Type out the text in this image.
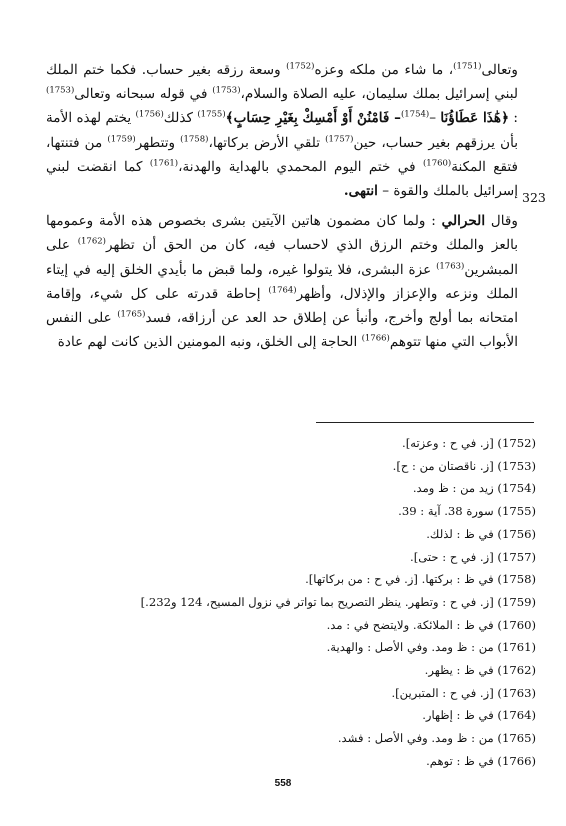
وتعالى$^{(1751)}$، ما شاء من ملكه وعزه$^{(1752)}$ وسعة رزقه بغير حساب. فكما ختم الملك لبني إسرائيل بملك سليمان، عليه الصلاة والسلام،$^{(1753)}$ في قوله سبحانه وتعالى$^{(1753)}$ : ﴿هَٰذَا عَطَاؤُنَا –$^{(1754)}$– فَامْنُنْ أَوْ أَمْسِكْ بِغَيْرِ حِسَابٍ﴾$^{(1755)}$ كذلك$^{(1756)}$ يختم لهذه الأمة بأن يرزقهم بغير حساب، حين$^{(1757)}$ تلقي الأرض بركاتها،$^{(1758)}$ وتتطهر$^{(1759)}$ من فتنتها، فتقع المكنة$^{(1760)}$ في ختم اليوم المحمدي بالهداية والهدنة،$^{(1761)}$ كما انقضت لبني إسرائيل بالملك والقوة – انتهى.

وقال الحرالي : ولما كان مضمون هاتين الآيتين بشرى بخصوص هذه الأمة وعمومها بالعز والملك وختم الرزق الذي لاحساب فيه، كان من الحق أن تظهر$^{(1762)}$ على المبشرين$^{(1763)}$ عزة البشرى، فلا يتولوا غيره، ولما قبض ما بأيدي الخلق إليه في إيتاء الملك ونزعه والإعزاز والإذلال، وأظهر$^{(1764)}$ إحاطة قدرته على كل شيء، وإقامة امتحانه بما أولج وأخرج، وأنبأ عن إطلاق حد العد عن أرزاقه، فسد$^{(1765)}$ على النفس الأبواب التي منها تتوهم$^{(1766)}$ الحاجة إلى الخلق، ونبه المومنين الذين كانت لهم عادة

323

(1752) [ز. في ح : وعزته].

(1753) [ز. ناقصتان من : ح].

(1754) زيد من : ظ ومد.

(1755) سورة 38. آية : 39.

(1756) في ظ : لذلك.

(1757) [ز. في ح : حتى].

(1758) في ظ : بركتها. [ز. في ح : من بركاتها].

(1759) [ز. في ح : وتطهر. ينظر التصريح بما تواتر في نزول المسيح، 124 و232.]

(1760) في ظ : الملائكة. ولايتضح في : مد.

(1761) من : ظ ومد. وفي الأصل : والهدية.

(1762) في ظ : يظهر.

(1763) [ز. في ح : المتبرين].

(1764) في ظ : إظهار.

(1765) من : ظ ومد. وفي الأصل : فشد.

(1766) في ظ : توهم.

558
